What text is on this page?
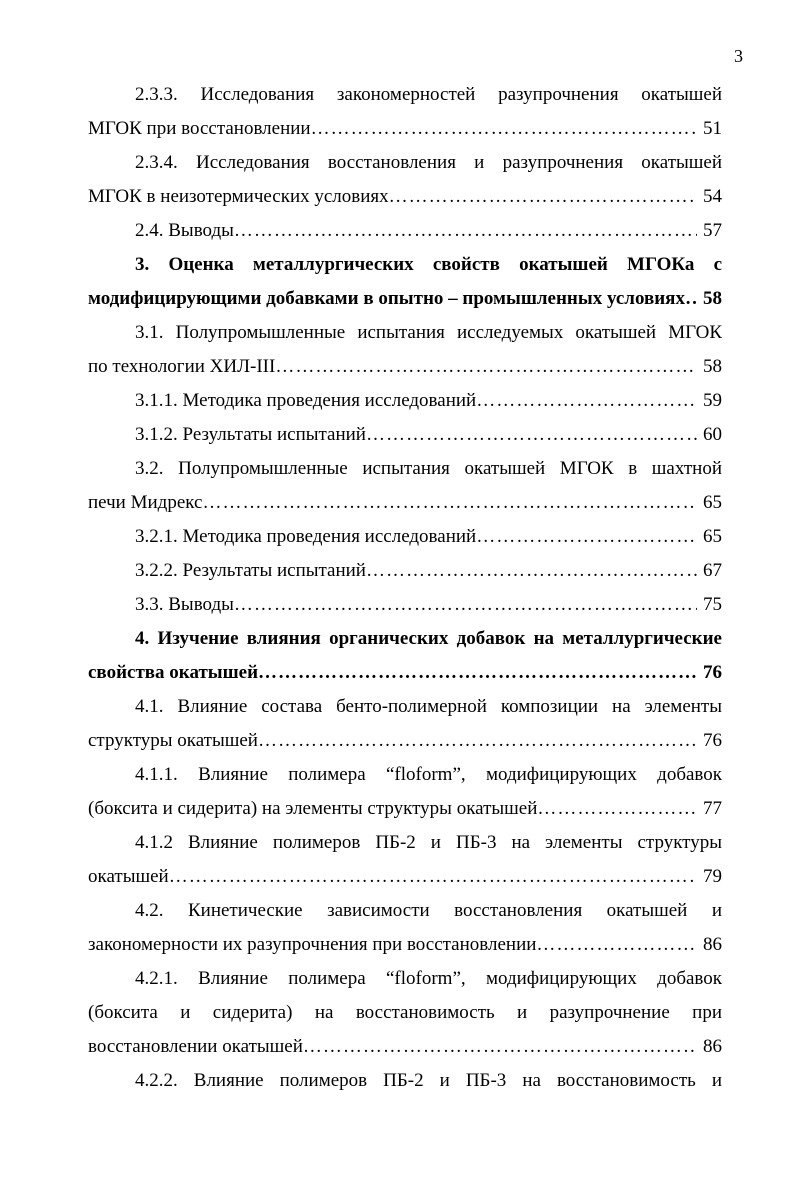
3
2.3.3. Исследования закономерностей разупрочнения окатышей
МГОК при восстановлении ………………………………………………………………………………………………………………………………………………………………………………………………………………………	51
2.3.4. Исследования восстановления и разупрочнения окатышей
МГОК в неизотермических условиях ………………………………………………………………………………………………………………………………………………………………………………………………………………………	54
2.4. Выводы ………………………………………………………………………………………………………………………………………………………………………………………………………………………	57
3. Оценка металлургических свойств окатышей МГОКа с
модифицирующими добавками в опытно – промышленных условиях ……………………………………………………………………………………………………………………………………………………………………………………………………………………… 58
3.1. Полупромышленные испытания исследуемых окатышей МГОК
по технологии ХИЛ-III ………………………………………………………………………………………………………………………………………………………………………………………………………………………	58
3.1.1. Методика проведения исследований ………………………………………………………………………………………………………………………………………………………………………………………………………………………	59
3.1.2. Результаты испытаний ………………………………………………………………………………………………………………………………………………………………………………………………………………………	60
3.2. Полупромышленные испытания окатышей МГОК в шахтной
печи Мидрекс ………………………………………………………………………………………………………………………………………………………………………………………………………………………	65
3.2.1. Методика проведения исследований ………………………………………………………………………………………………………………………………………………………………………………………………………………………	65
3.2.2. Результаты испытаний ………………………………………………………………………………………………………………………………………………………………………………………………………………………	67
3.3. Выводы ………………………………………………………………………………………………………………………………………………………………………………………………………………………	75
4. Изучение влияния органических добавок на металлургические
свойства окатышей ………………………………………………………………………………………………………………………………………………………………………………………………………………………	76
4.1. Влияние состава бенто-полимерной композиции на элементы
структуры окатышей ………………………………………………………………………………………………………………………………………………………………………………………………………………………	76
4.1.1. Влияние полимера “floform”, модифицирующих добавок
(боксита и сидерита) на элементы структуры окатышей ………………………………………………………………………………………………………………………………………………………………………………………………………………………	77
4.1.2 Влияние полимеров ПБ-2 и ПБ-3 на элементы структуры
окатышей ………………………………………………………………………………………………………………………………………………………………………………………………………………………	79
4.2. Кинетические зависимости восстановления окатышей и
закономерности их разупрочнения при восстановлении ………………………………………………………………………………………………………………………………………………………………………………………………………………………	86
4.2.1. Влияние полимера “floform”, модифицирующих добавок
(боксита и сидерита) на восстановимость и разупрочнение при
восстановлении окатышей ………………………………………………………………………………………………………………………………………………………………………………………………………………………	86
4.2.2. Влияние полимеров ПБ-2 и ПБ-3 на восстановимость и
